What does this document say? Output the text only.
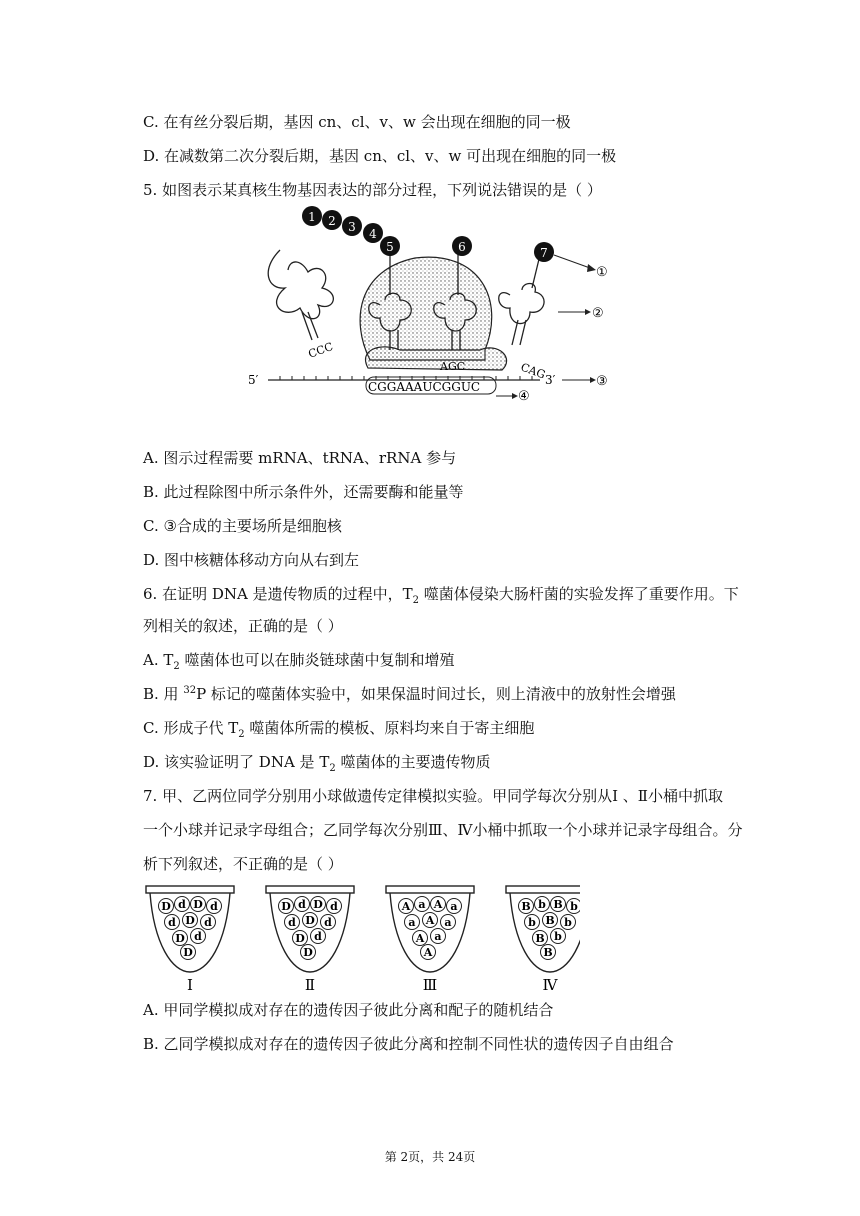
C. 在有丝分裂后期，基因 cn、cl、v、w 会出现在细胞的同一极
D. 在减数第二次分裂后期，基因 cn、cl、v、w 可出现在细胞的同一极
5. 如图表示某真核生物基因表达的部分过程，下列说法错误的是（ ）
5′	3′	③
CGGAAAUCGGUC
④
CCC
AGC	CAG
①
②
1 2 3 4
5	6	7
A. 图示过程需要 mRNA、tRNA、rRNA 参与
B. 此过程除图中所示条件外，还需要酶和能量等
C. ③合成的主要场所是细胞核
D. 图中核糖体移动方向从右到左
6. 在证明 DNA 是遗传物质的过程中，$T_2$ 噬菌体侵染大肠杆菌的实验发挥了重要作用。下
列相关的叙述，正确的是（ ）
A. $T_2$ 噬菌体也可以在肺炎链球菌中复制和增殖
B. 用 $^{32}$P 标记的噬菌体实验中，如果保温时间过长，则上清液中的放射性会增强
C. 形成子代 $T_2$ 噬菌体所需的模板、原料均来自于寄主细胞
D. 该实验证明了 DNA 是 $T_2$ 噬菌体的主要遗传物质
7. 甲、乙两位同学分别用小球做遗传定律模拟实验。甲同学每次分别从Ⅰ 、Ⅱ小桶中抓取
一个小球并记录字母组合；乙同学每次分别Ⅲ、Ⅳ小桶中抓取一个小球并记录字母组合。分
析下列叙述，不正确的是（ ）
D d D d
d D d
D d
D
Ⅰ
D d D d
d D d
D d
D
Ⅱ
A a A a
a A a
A a
A
Ⅲ
B b B b
b B b
B b
B
Ⅳ
A. 甲同学模拟成对存在的遗传因子彼此分离和配子的随机结合
B. 乙同学模拟成对存在的遗传因子彼此分离和控制不同性状的遗传因子自由组合
第 2页，共 24页
